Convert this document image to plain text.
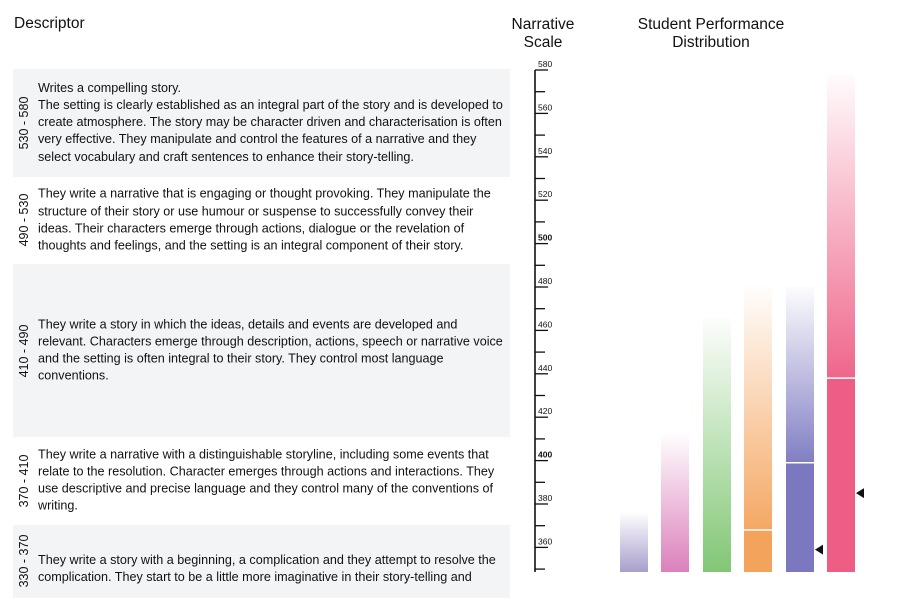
Descriptor	Narrative
Scale
Student Performance
Distribution
530 - 580
Writes a compelling story.
The setting is clearly established as an integral part of the story and is developed to create atmosphere. The story may be character driven and characterisation is often very effective. They manipulate and control the features of a narrative and they select vocabulary and craft sentences to enhance their story-telling.
490 - 530 They write a narrative that is engaging or thought provoking. They manipulate the structure of their story or use humour or suspense to successfully convey their ideas. Their characters emerge through actions, dialogue or the revelation of thoughts and feelings, and the setting is an integral component of their story.
410 - 490 They write a story in which the ideas, details and events are developed and relevant. Characters emerge through description, actions, speech or narrative voice and the setting is often integral to their story. They control most language conventions.
370 - 410 They write a narrative with a distinguishable storyline, including some events that relate to the resolution. Character emerges through actions and interactions. They use descriptive and precise language and they control many of the conventions of writing.
330 - 370 They write a story with a beginning, a complication and they attempt to resolve the complication. They start to be a little more imaginative in their story-telling and
360
380
400
420
440
460
480
500
520
540
560
580
